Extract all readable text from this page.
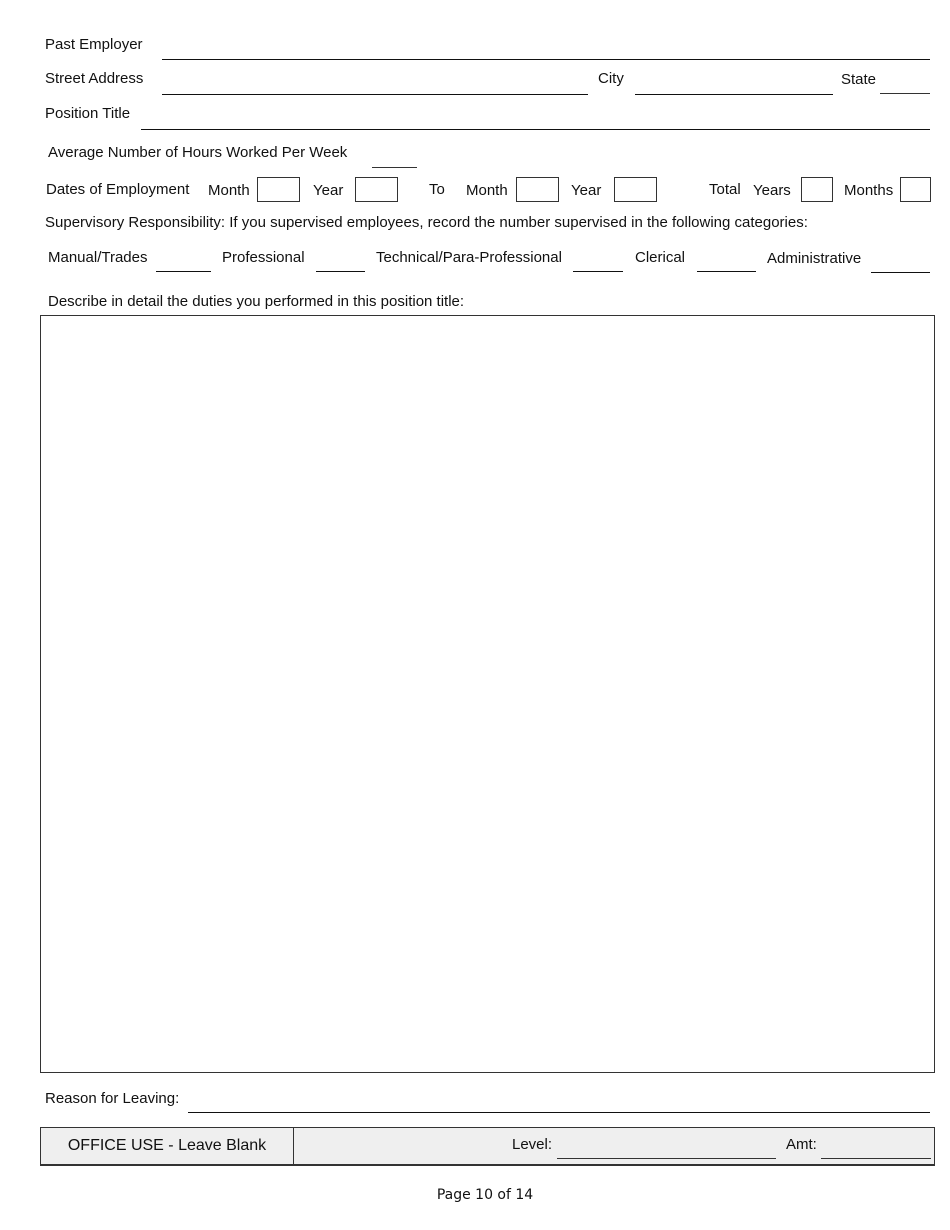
Past Employer
Street Address	City	State
Position Title
Average Number of Hours Worked Per Week
Dates of Employment Month	Year	To Month	Year	Total Years	Months
Supervisory Responsibility: If you supervised employees, record the number supervised in the following categories:
Manual/Trades	Professional	Technical/Para-Professional	Clerical	Administrative
Describe in detail the duties you performed in this position title:
Reason for Leaving:
OFFICE USE - Leave Blank	Level:	Amt:
Page 10 of 14
